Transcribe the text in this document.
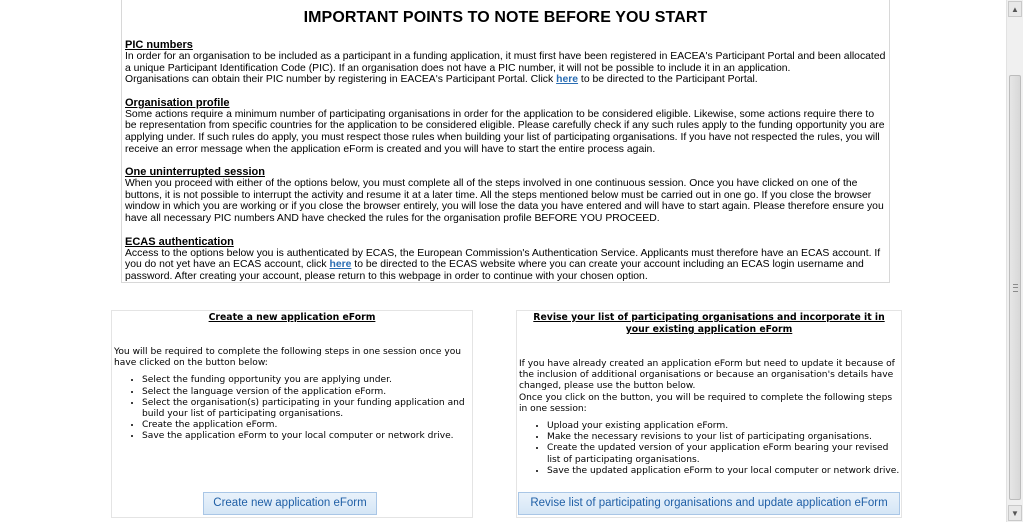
IMPORTANT POINTS TO NOTE BEFORE YOU START
PIC numbers
In order for an organisation to be included as a participant in a funding application, it must first have been registered in EACEA's Participant Portal and been allocated a unique Participant Identification Code (PIC). If an organisation does not have a PIC number, it will not be possible to include it in an application.
Organisations can obtain their PIC number by registering in EACEA's Participant Portal. Click here to be directed to the Participant Portal.
Organisation profile
Some actions require a minimum number of participating organisations in order for the application to be considered eligible. Likewise, some actions require there to be representation from specific countries for the application to be considered eligible. Please carefully check if any such rules apply to the funding opportunity you are applying under. If such rules do apply, you must respect those rules when building your list of participating organisations. If you have not respected the rules, you will receive an error message when the application eForm is created and you will have to start the entire process again.
One uninterrupted session
When you proceed with either of the options below, you must complete all of the steps involved in one continuous session. Once you have clicked on one of the buttons, it is not possible to interrupt the activity and resume it at a later time. All the steps mentioned below must be carried out in one go. If you close the browser window in which you are working or if you close the browser entirely, you will lose the data you have entered and will have to start again. Please therefore ensure you have all necessary PIC numbers AND have checked the rules for the organisation profile BEFORE YOU PROCEED.
ECAS authentication
Access to the options below you is authenticated by ECAS, the European Commission's Authentication Service. Applicants must therefore have an ECAS account. If you do not yet have an ECAS account, click here to be directed to the ECAS website where you can create your account including an ECAS login username and password. After creating your account, please return to this webpage in order to continue with your chosen option.
Create a new application eForm
You will be required to complete the following steps in one session once you have clicked on the button below:
• Select the funding opportunity you are applying under.
• Select the language version of the application eForm.
• Select the organisation(s) participating in your funding application and build your list of participating organisations.
• Create the application eForm.
• Save the application eForm to your local computer or network drive.
Create new application eForm
Revise your list of participating organisations and incorporate it in your existing application eForm
If you have already created an application eForm but need to update it because of the inclusion of additional organisations or because an organisation's details have changed, please use the button below.
Once you click on the button, you will be required to complete the following steps in one session:
• Upload your existing application eForm.
• Make the necessary revisions to your list of participating organisations.
• Create the updated version of your application eForm bearing your revised list of participating organisations.
• Save the updated application eForm to your local computer or network drive.
Revise list of participating organisations and update application eForm
▲
▼
